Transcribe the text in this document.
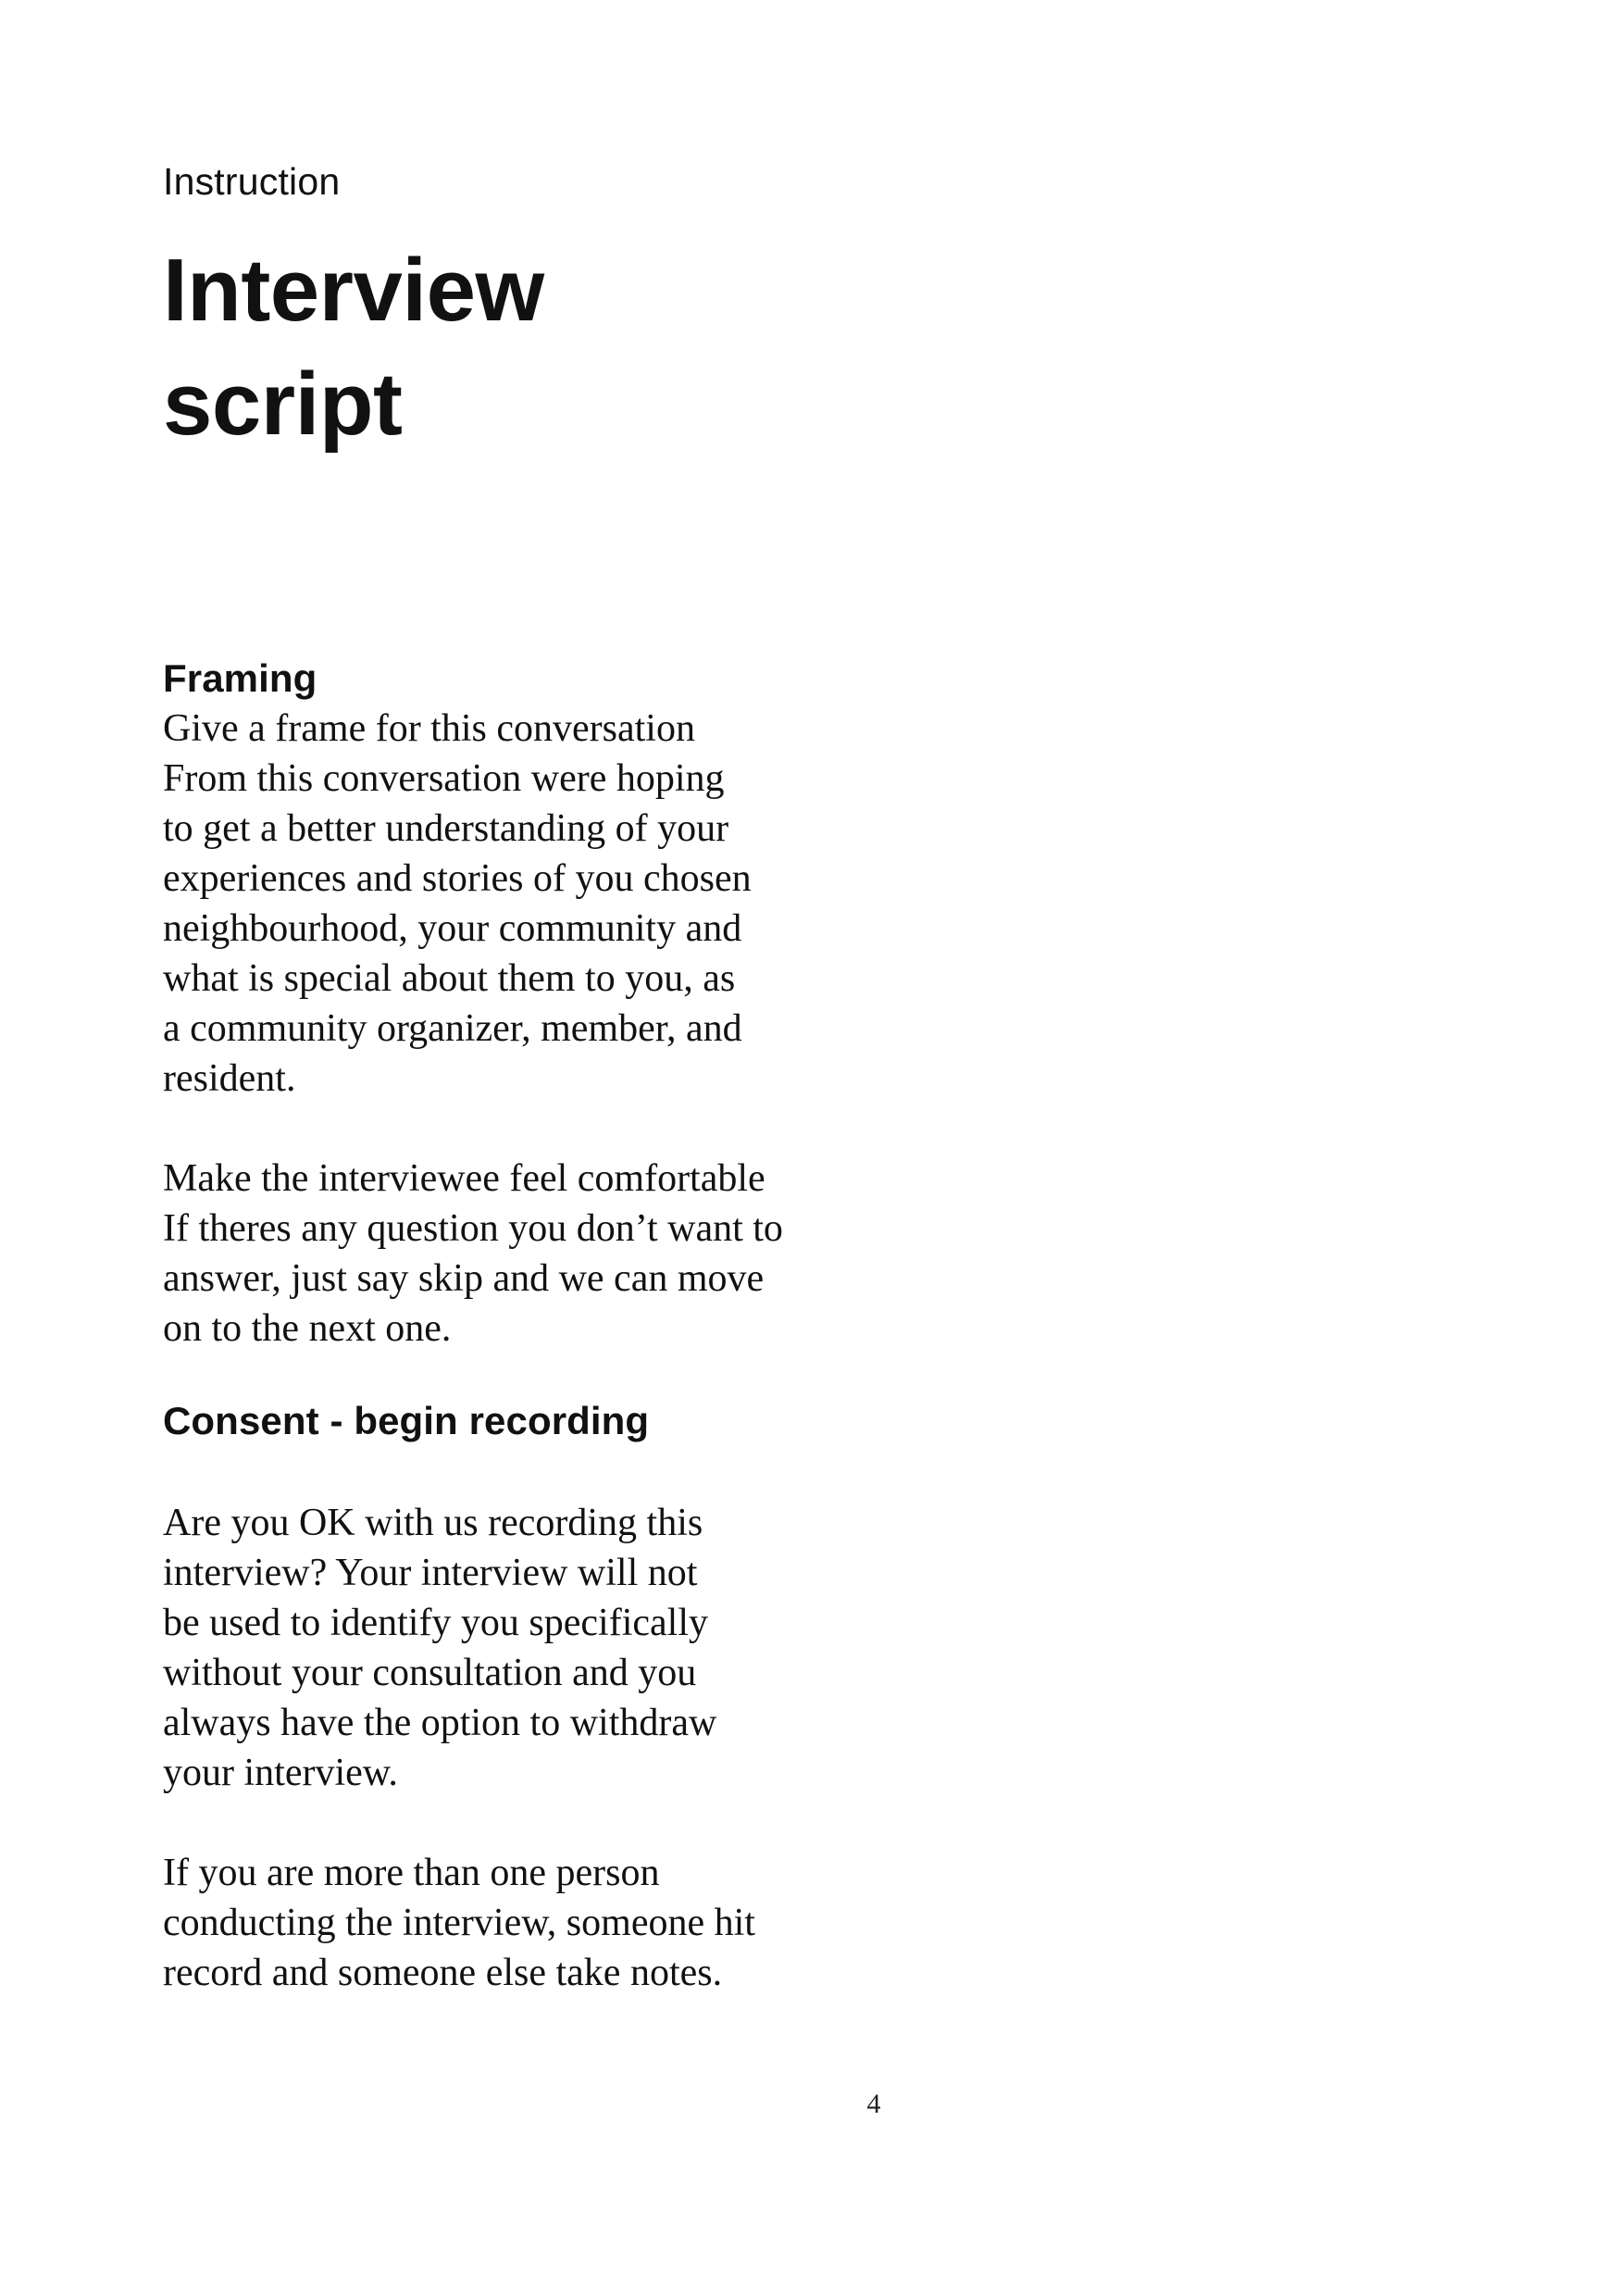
Instruction
Interview
script
Framing

Give a frame for this conversation
From this conversation were hoping
to get a better understanding of your
experiences and stories of you chosen
neighbourhood, your community and
what is special about them to you, as
a community organizer, member, and
resident.

Make the interviewee feel comfortable
If theres any question you don’t want to
answer, just say skip and we can move
on to the next one.

Consent - begin recording

Are you OK with us recording this
interview? Your interview will not
be used to identify you specifically
without your consultation and you
always have the option to withdraw
your interview.

If you are more than one person
conducting the interview, someone hit
record and someone else take notes.

4
